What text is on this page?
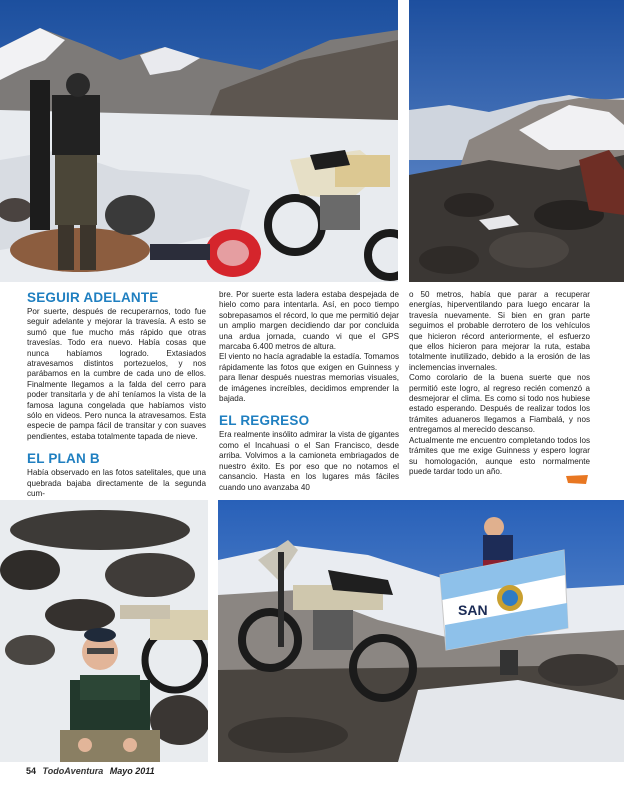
SEGUIR ADELANTE

Por suerte, después de recuperarnos, todo fue seguir adelante y mejorar la travesía. A esto se sumó que fue mucho más rápido que otras travesías. Todo era nuevo. Había cosas que nunca habíamos logrado. Extasiados atravesamos distintos portezuelos, y nos parábamos en la cumbre de cada uno de ellos. Finalmente llegamos a la falda del cerro para poder transitarla y de ahí teníamos la vista de la famosa laguna congelada que habíamos visto sólo en videos. Pero nunca la atravesamos. Esta especie de pampa fácil de transitar y con suaves pendientes, estaba totalmente tapada de nieve.

EL PLAN B

Había observado en las fotos satelitales, que una quebrada bajaba directamente de la segunda cum-

bre. Por suerte esta ladera estaba despejada de hielo como para intentarla. Así, en poco tiempo sobrepasamos el récord, lo que me permitió dejar un amplio margen decidiendo dar por concluida una ardua jornada, cuando vi que el GPS marcaba 6.400 metros de altura.

El viento no hacía agradable la estadía. Tomamos rápidamente las fotos que exigen en Guinness y para llenar después nuestras memorias visuales, de imágenes increíbles, decidimos emprender la bajada.

EL REGRESO

Era realmente insólito admirar la vista de gigantes como el Incahuasi o el San Francisco, desde arriba. Volvimos a la camioneta embriagados de nuestro éxito. Es por eso que no notamos el cansancio. Hasta en los lugares más fáciles cuando uno avanzaba 40

o 50 metros, había que parar a recuperar energías, hiperventilando para luego encarar la travesía nuevamente. Si bien en gran parte seguimos el probable derrotero de los vehículos que hicieron récord anteriormente, el esfuerzo que ellos hicieron para mejorar la ruta, estaba totalmente inutilizado, debido a la erosión de las inclemencias invernales.

Como corolario de la buena suerte que nos permitió este logro, al regreso recién comenzó a desmejorar el clima. Es como si todo nos hubiese estado esperando. Después de realizar todos los trámites aduaneros llegamos a Fiambalá, y nos entregamos al merecido descanso.

Actualmente me encuentro completando todos los trámites que me exige Guinness y espero lograr su homologación, aunque esto normalmente puede tardar todo un año.

SAN
54 TodoAventura Mayo 2011
